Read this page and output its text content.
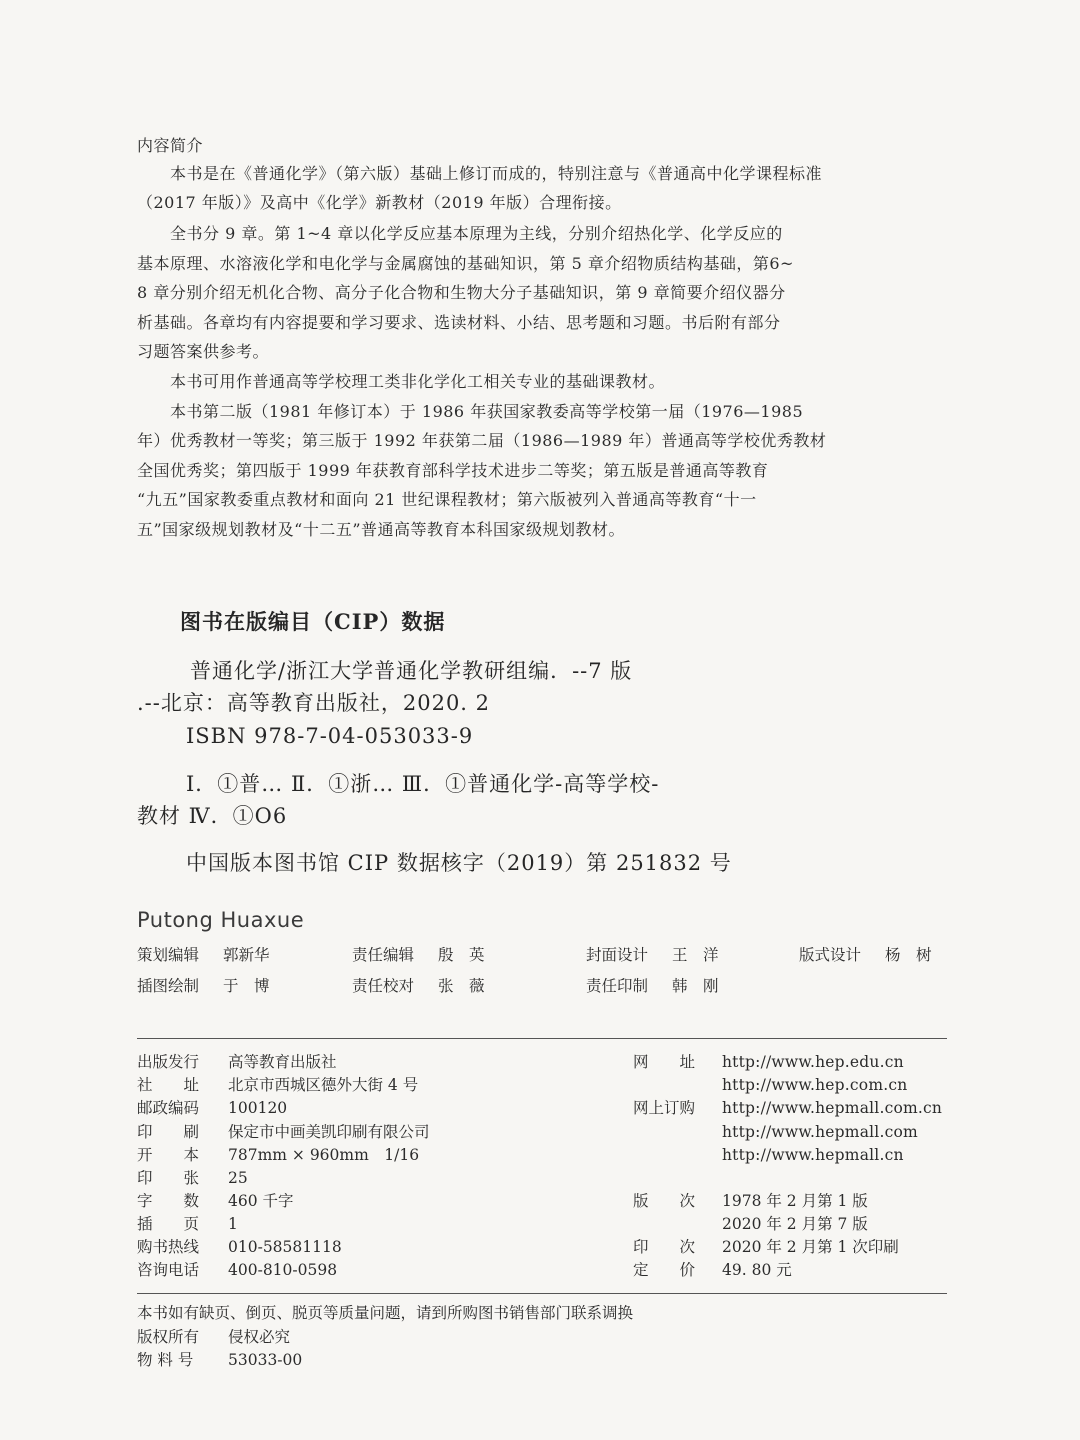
内容简介
本书是在《普通化学》（第六版）基础上修订而成的，特别注意与《普通高中化学课程标准
（2017 年版）》及高中《化学》新教材（2019 年版）合理衔接。
全书分 9 章。第 1~4 章以化学反应基本原理为主线，分别介绍热化学、化学反应的
基本原理、水溶液化学和电化学与金属腐蚀的基础知识，第 5 章介绍物质结构基础，第6~
8 章分别介绍无机化合物、高分子化合物和生物大分子基础知识，第 9 章简要介绍仪器分
析基础。各章均有内容提要和学习要求、选读材料、小结、思考题和习题。书后附有部分
习题答案供参考。
本书可用作普通高等学校理工类非化学化工相关专业的基础课教材。
本书第二版（1981 年修订本）于 1986 年获国家教委高等学校第一届（1976—1985
年）优秀教材一等奖；第三版于 1992 年获第二届（1986—1989 年）普通高等学校优秀教材
全国优秀奖；第四版于 1999 年获教育部科学技术进步二等奖；第五版是普通高等教育
“九五”国家教委重点教材和面向 21 世纪课程教材；第六版被列入普通高等教育“十一
五”国家级规划教材及“十二五”普通高等教育本科国家级规划教材。
图书在版编目（CIP）数据
普通化学/浙江大学普通化学教研组编．--7 版
.--北京：高等教育出版社，2020. 2
ISBN 978-7-04-053033-9
Ⅰ．①普… Ⅱ．①浙… Ⅲ．①普通化学-高等学校-
教材 Ⅳ．①O6
中国版本图书馆 CIP 数据核字（2019）第 251832 号
Putong Huaxue
策划编辑 郭新华	责任编辑 殷　英	封面设计 王　洋	版式设计 杨　树
插图绘制 于　博	责任校对 张　薇	责任印制 韩　刚
出版发行 高等教育出版社
社　　址 北京市西城区德外大街 4 号
邮政编码 100120
印　　刷 保定市中画美凯印刷有限公司
开　　本 787mm × 960mm　1/16
印　　张 25
字　　数 460 千字
插　　页 1
购书热线 010-58581118
咨询电话 400-810-0598
网　　址 http://www.hep.edu.cn
http://www.hep.com.cn
网上订购 http://www.hepmall.com.cn
http://www.hepmall.com
http://www.hepmall.cn
版　　次 1978 年 2 月第 1 版
2020 年 2 月第 7 版
印　　次 2020 年 2 月第 1 次印刷
定　　价 49. 80 元
本书如有缺页、倒页、脱页等质量问题，请到所购图书销售部门联系调换
版权所有 侵权必究
物 料 号 53033-00
